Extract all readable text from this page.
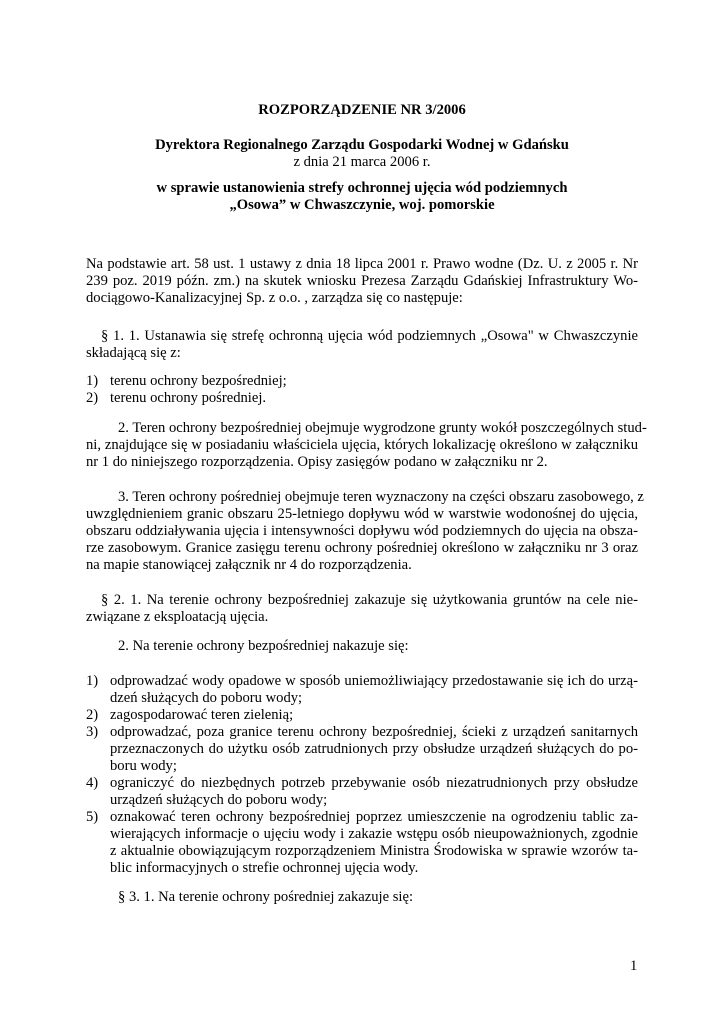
ROZPORZĄDZENIE NR 3/2006
Dyrektora Regionalnego Zarządu Gospodarki Wodnej w Gdańsku
z dnia 21 marca 2006 r.
w sprawie ustanowienia strefy ochronnej ujęcia wód podziemnych
„Osowa” w Chwaszczynie, woj. pomorskie
Na podstawie art. 58 ust. 1 ustawy z dnia 18 lipca 2001 r. Prawo wodne (Dz. U. z 2005 r. Nr
239 poz. 2019 późn. zm.) na skutek wniosku Prezesa Zarządu Gdańskiej Infrastruktury Wo-
dociągowo-Kanalizacyjnej Sp. z o.o. , zarządza się co następuje:
§ 1. 1. Ustanawia się strefę ochronną ujęcia wód podziemnych „Osowa" w Chwaszczynie
składającą się z:
1) terenu ochrony bezpośredniej;
2) terenu ochrony pośredniej.
2. Teren ochrony bezpośredniej obejmuje wygrodzone grunty wokół poszczególnych stud-
ni, znajdujące się w posiadaniu właściciela ujęcia, których lokalizację określono w załączniku
nr 1 do niniejszego rozporządzenia. Opisy zasięgów podano w załączniku nr 2.
3. Teren ochrony pośredniej obejmuje teren wyznaczony na części obszaru zasobowego, z
uwzględnieniem granic obszaru 25-letniego dopływu wód w warstwie wodonośnej do ujęcia,
obszaru oddziaływania ujęcia i intensywności dopływu wód podziemnych do ujęcia na obsza-
rze zasobowym. Granice zasięgu terenu ochrony pośredniej określono w załączniku nr 3 oraz
na mapie stanowiącej załącznik nr 4 do rozporządzenia.
§ 2. 1. Na terenie ochrony bezpośredniej zakazuje się użytkowania gruntów na cele nie-
związane z eksploatacją ujęcia.
2. Na terenie ochrony bezpośredniej nakazuje się:
1) odprowadzać wody opadowe w sposób uniemożliwiający przedostawanie się ich do urzą-
dzeń służących do poboru wody;
2) zagospodarować teren zielenią;
3) odprowadzać, poza granice terenu ochrony bezpośredniej, ścieki z urządzeń sanitarnych
przeznaczonych do użytku osób zatrudnionych przy obsłudze urządzeń służących do po-
boru wody;
4) ograniczyć do niezbędnych potrzeb przebywanie osób niezatrudnionych przy obsłudze
urządzeń służących do poboru wody;
5) oznakować teren ochrony bezpośredniej poprzez umieszczenie na ogrodzeniu tablic za-
wierających informacje o ujęciu wody i zakazie wstępu osób nieupoważnionych, zgodnie
z aktualnie obowiązującym rozporządzeniem Ministra Środowiska w sprawie wzorów ta-
blic informacyjnych o strefie ochronnej ujęcia wody.
§ 3. 1. Na terenie ochrony pośredniej zakazuje się:
1
